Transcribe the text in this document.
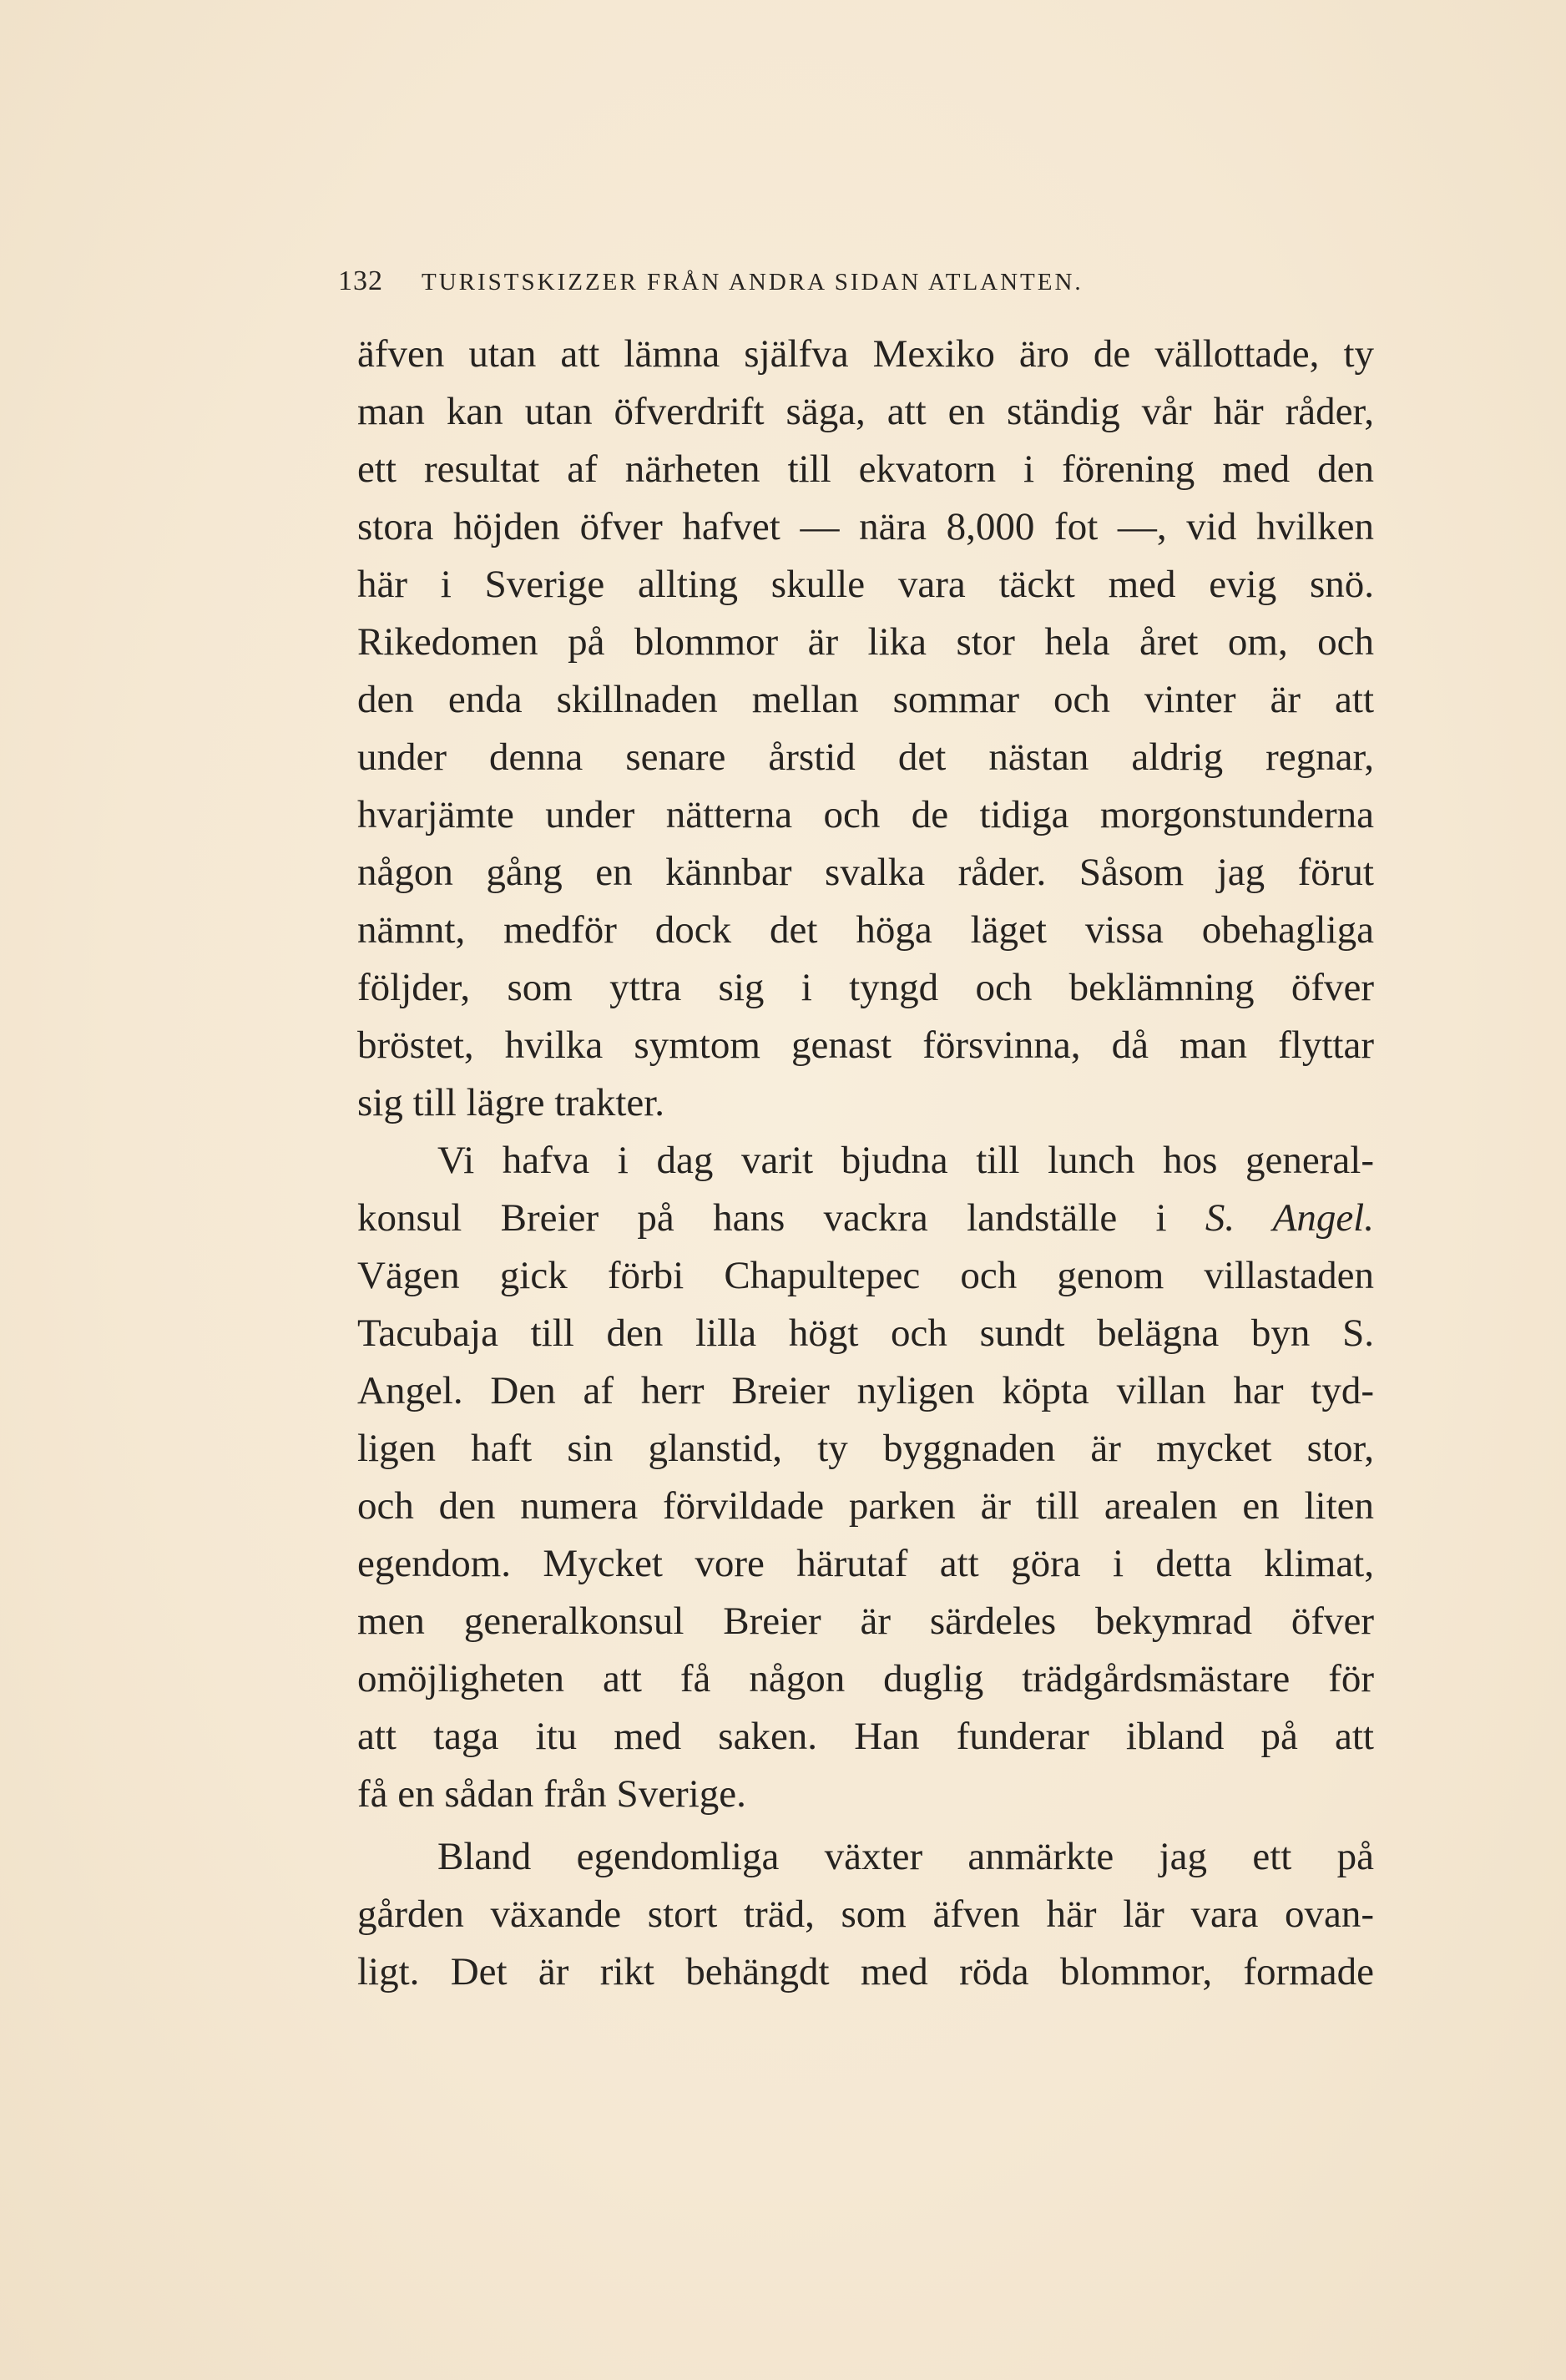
132 TURISTSKIZZER FRÅN ANDRA SIDAN ATLANTEN.
äfven utan att lämna själfva Mexiko äro de vällottade, ty
man kan utan öfverdrift säga, att en ständig vår här råder,
ett resultat af närheten till ekvatorn i förening med den
stora höjden öfver hafvet — nära 8,000 fot —, vid hvilken
här i Sverige allting skulle vara täckt med evig snö.
Rikedomen på blommor är lika stor hela året om, och
den enda skillnaden mellan sommar och vinter är att
under denna senare årstid det nästan aldrig regnar,
hvarjämte under nätterna och de tidiga morgonstunderna
någon gång en kännbar svalka råder. Såsom jag förut
nämnt, medför dock det höga läget vissa obehagliga
följder, som yttra sig i tyngd och beklämning öfver
bröstet, hvilka symtom genast försvinna, då man flyttar
sig till lägre trakter.
Vi hafva i dag varit bjudna till lunch hos general-
konsul Breier på hans vackra landställe i S. Angel.
Vägen gick förbi Chapultepec och genom villastaden
Tacubaja till den lilla högt och sundt belägna byn S.
Angel. Den af herr Breier nyligen köpta villan har tyd-
ligen haft sin glanstid, ty byggnaden är mycket stor,
och den numera förvildade parken är till arealen en liten
egendom. Mycket vore härutaf att göra i detta klimat,
men generalkonsul Breier är särdeles bekymrad öfver
omöjligheten att få någon duglig trädgårdsmästare för
att taga itu med saken. Han funderar ibland på att
få en sådan från Sverige.
Bland egendomliga växter anmärkte jag ett på
gården växande stort träd, som äfven här lär vara ovan-
ligt. Det är rikt behängdt med röda blommor, formade
